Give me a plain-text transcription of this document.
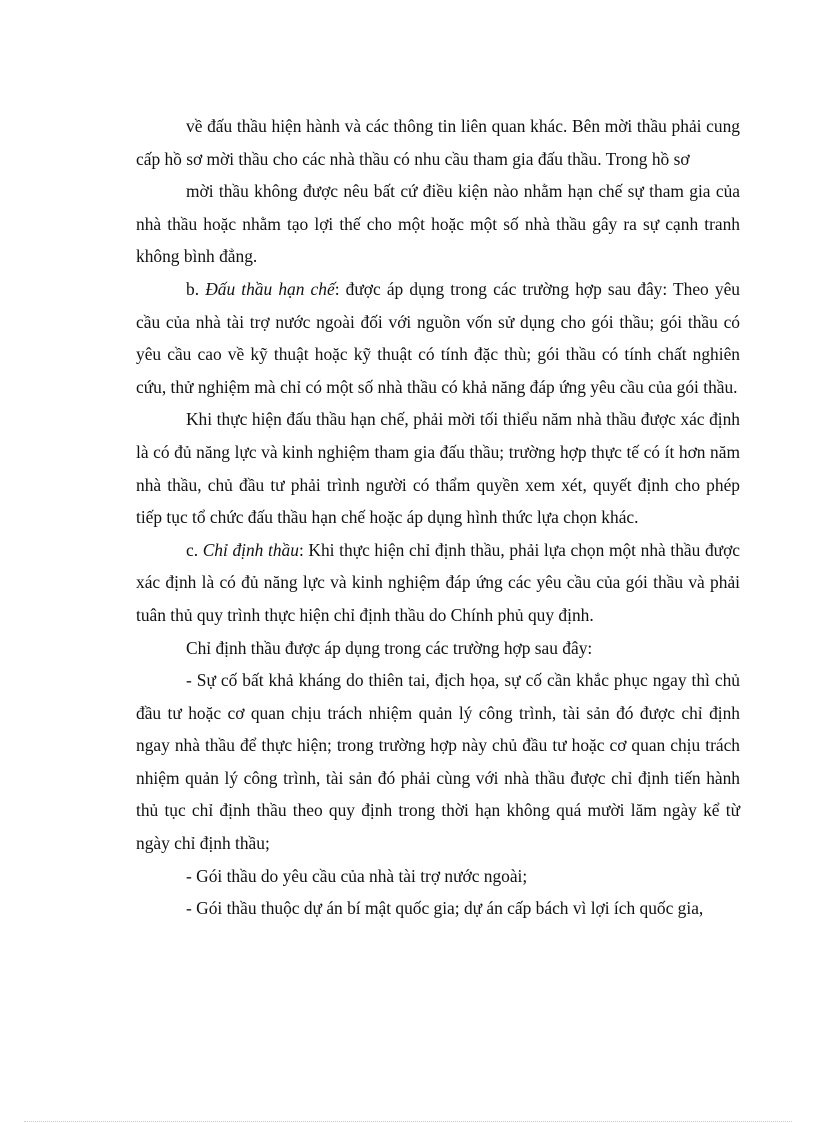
về đấu thầu hiện hành và các thông tin liên quan khác. Bên mời thầu phải cung cấp hồ sơ mời thầu cho các nhà thầu có nhu cầu tham gia đấu thầu. Trong hồ sơ

mời thầu không được nêu bất cứ điều kiện nào nhằm hạn chế sự tham gia của nhà thầu hoặc nhằm tạo lợi thế cho một hoặc một số nhà thầu gây ra sự cạnh tranh không bình đẳng.

b. Đấu thầu hạn chế: được áp dụng trong các trường hợp sau đây: Theo yêu cầu của nhà tài trợ nước ngoài đối với nguồn vốn sử dụng cho gói thầu; gói thầu có yêu cầu cao về kỹ thuật hoặc kỹ thuật có tính đặc thù; gói thầu có tính chất nghiên cứu, thử nghiệm mà chỉ có một số nhà thầu có khả năng đáp ứng yêu cầu của gói thầu.

Khi thực hiện đấu thầu hạn chế, phải mời tối thiểu năm nhà thầu được xác định là có đủ năng lực và kinh nghiệm tham gia đấu thầu; trường hợp thực tế có ít hơn năm nhà thầu, chủ đầu tư phải trình người có thẩm quyền xem xét, quyết định cho phép tiếp tục tổ chức đấu thầu hạn chế hoặc áp dụng hình thức lựa chọn khác.

c. Chỉ định thầu: Khi thực hiện chỉ định thầu, phải lựa chọn một nhà thầu được xác định là có đủ năng lực và kinh nghiệm đáp ứng các yêu cầu của gói thầu và phải tuân thủ quy trình thực hiện chỉ định thầu do Chính phủ quy định.

Chỉ định thầu được áp dụng trong các trường hợp sau đây:

- Sự cố bất khả kháng do thiên tai, địch họa, sự cố cần khắc phục ngay thì chủ đầu tư hoặc cơ quan chịu trách nhiệm quản lý công trình, tài sản đó được chỉ định ngay nhà thầu để thực hiện; trong trường hợp này chủ đầu tư hoặc cơ quan chịu trách nhiệm quản lý công trình, tài sản đó phải cùng với nhà thầu được chỉ định tiến hành thủ tục chỉ định thầu theo quy định trong thời hạn không quá mười lăm ngày kể từ ngày chỉ định thầu;

- Gói thầu do yêu cầu của nhà tài trợ nước ngoài;

- Gói thầu thuộc dự án bí mật quốc gia; dự án cấp bách vì lợi ích quốc gia,
